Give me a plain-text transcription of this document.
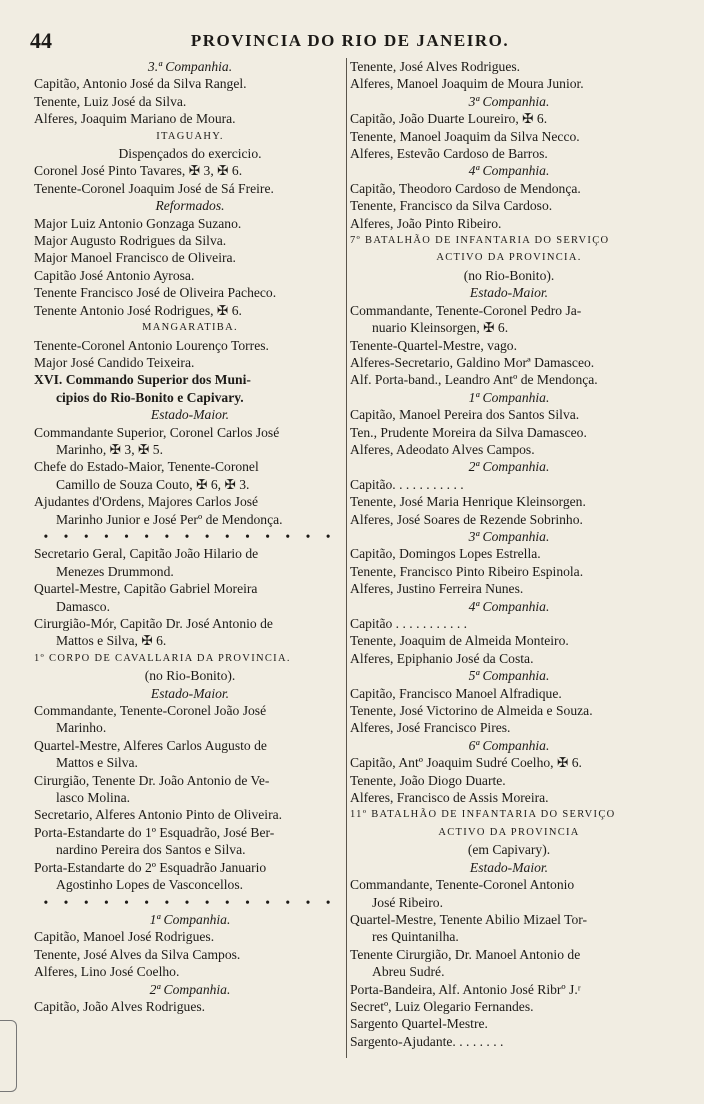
44	PROVINCIA DO RIO DE JANEIRO.
3.ª Companhia.
Capitão, Antonio José da Silva Rangel.
Tenente, Luiz José da Silva.
Alferes, Joaquim Mariano de Moura.
ITAGUAHY.
Dispençados do exercicio.
Coronel José Pinto Tavares, ✠ 3, ✠ 6.
Tenente-Coronel Joaquim José de Sá Freire.
Reformados.
Major Luiz Antonio Gonzaga Suzano.
Major Augusto Rodrigues da Silva.
Major Manoel Francisco de Oliveira.
Capitão José Antonio Ayrosa.
Tenente Francisco José de Oliveira Pacheco.
Tenente Antonio José Rodrigues, ✠ 6.
MANGARATIBA.
Tenente-Coronel Antonio Lourenço Torres.
Major José Candido Teixeira.
XVI. Commando Superior dos Muni-
cipios do Rio-Bonito e Capivary.
Estado-Maior.
Commandante Superior, Coronel Carlos José
Marinho, ✠ 3, ✠ 5.
Chefe do Estado-Maior, Tenente-Coronel
Camillo de Souza Couto, ✠ 6, ✠ 3.
Ajudantes d'Ordens, Majores Carlos José
Marinho Junior e José Perº de Mendonça.
• • • • • • • • • • • • • • •
Secretario Geral, Capitão João Hilario de
Menezes Drummond.
Quartel-Mestre, Capitão Gabriel Moreira
Damasco.
Cirurgião-Mór, Capitão Dr. José Antonio de
Mattos e Silva, ✠ 6.
1º CORPO DE CAVALLARIA DA PROVINCIA.
(no Rio-Bonito).
Estado-Maior.
Commandante, Tenente-Coronel João José
Marinho.
Quartel-Mestre, Alferes Carlos Augusto de
Mattos e Silva.
Cirurgião, Tenente Dr. João Antonio de Ve-
lasco Molina.
Secretario, Alferes Antonio Pinto de Oliveira.
Porta-Estandarte do 1º Esquadrão, José Ber-
nardino Pereira dos Santos e Silva.
Porta-Estandarte do 2º Esquadrão Januario
Agostinho Lopes de Vasconcellos.
• • • • • • • • • • • • • • •
1ª Companhia.
Capitão, Manoel José Rodrigues.
Tenente, José Alves da Silva Campos.
Alferes, Lino José Coelho.
2ª Companhia.
Capitão, João Alves Rodrigues.
Tenente, José Alves Rodrigues.
Alferes, Manoel Joaquim de Moura Junior.
3ª Companhia.
Capitão, João Duarte Loureiro, ✠ 6.
Tenente, Manoel Joaquim da Silva Necco.
Alferes, Estevão Cardoso de Barros.
4ª Companhia.
Capitão, Theodoro Cardoso de Mendonça.
Tenente, Francisco da Silva Cardoso.
Alferes, João Pinto Ribeiro.
7º BATALHÃO DE INFANTARIA DO SERVIÇO
ACTIVO DA PROVINCIA.
(no Rio-Bonito).
Estado-Maior.
Commandante, Tenente-Coronel Pedro Ja-
nuario Kleinsorgen, ✠ 6.
Tenente-Quartel-Mestre, vago.
Alferes-Secretario, Galdino Morª Damasceo.
Alf. Porta-band., Leandro Antº de Mendonça.
1ª Companhia.
Capitão, Manoel Pereira dos Santos Silva.
Ten., Prudente Moreira da Silva Damasceo.
Alferes, Adeodato Alves Campos.
2ª Companhia.
Capitão. . . . . . . . . . .
Tenente, José Maria Henrique Kleinsorgen.
Alferes, José Soares de Rezende Sobrinho.
3ª Companhia.
Capitão, Domingos Lopes Estrella.
Tenente, Francisco Pinto Ribeiro Espinola.
Alferes, Justino Ferreira Nunes.
4ª Companhia.
Capitão . . . . . . . . . . .
Tenente, Joaquim de Almeida Monteiro.
Alferes, Epiphanio José da Costa.
5ª Companhia.
Capitão, Francisco Manoel Alfradique.
Tenente, José Victorino de Almeida e Souza.
Alferes, José Francisco Pires.
6ª Companhia.
Capitão, Antº Joaquim Sudré Coelho, ✠ 6.
Tenente, João Diogo Duarte.
Alferes, Francisco de Assis Moreira.
11º BATALHÃO DE INFANTARIA DO SERVIÇO
ACTIVO DA PROVINCIA
(em Capivary).
Estado-Maior.
Commandante, Tenente-Coronel Antonio
José Ribeiro.
Quartel-Mestre, Tenente Abilio Mizael Tor-
res Quintanilha.
Tenente Cirurgião, Dr. Manoel Antonio de
Abreu Sudré.
Porta-Bandeira, Alf. Antonio José Ribrº J.ʳ
Secretº, Luiz Olegario Fernandes.
Sargento Quartel-Mestre.
Sargento-Ajudante. . . . . . . .
